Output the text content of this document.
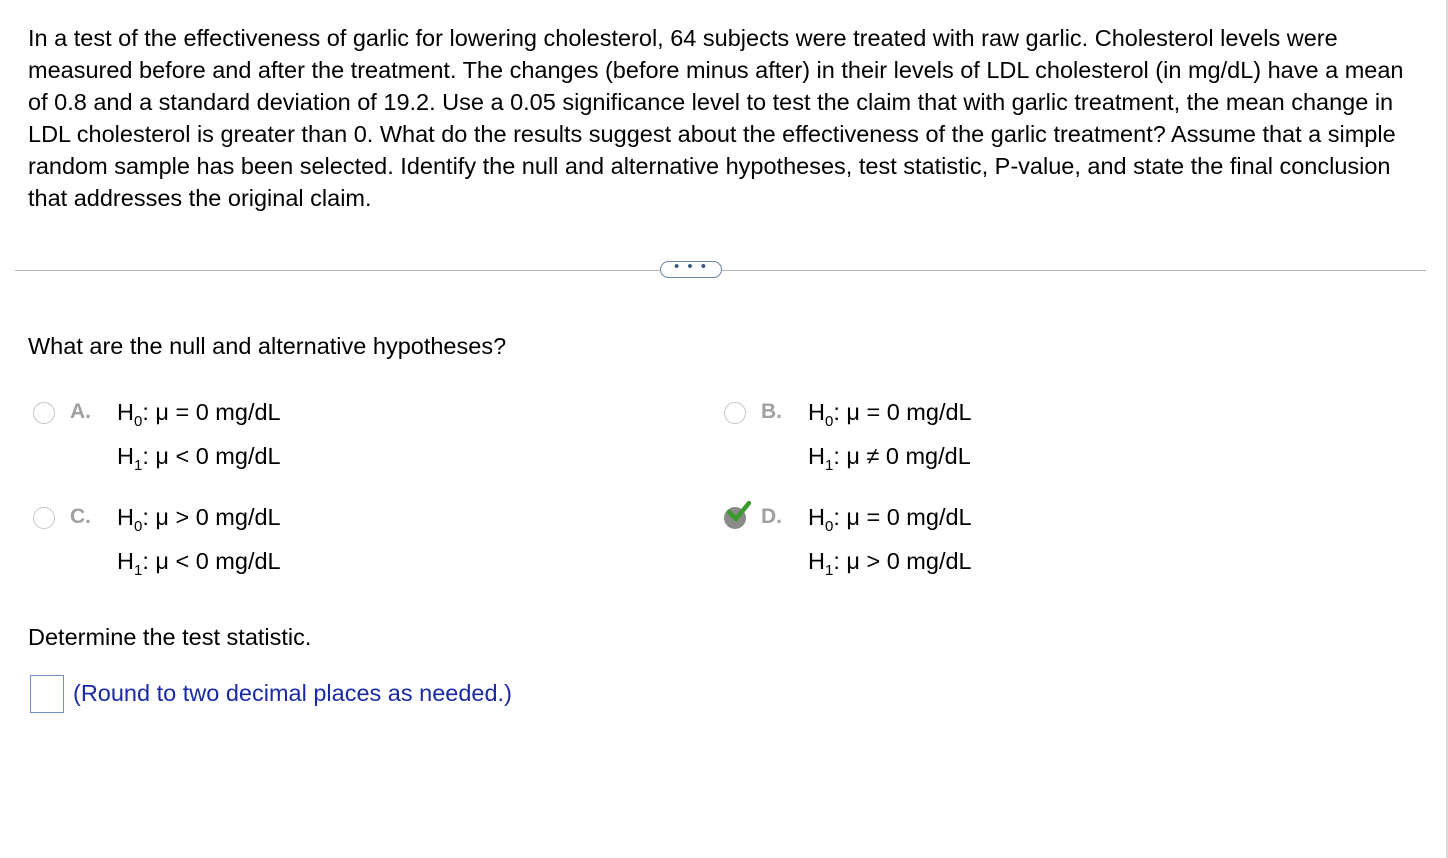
In a test of the effectiveness of garlic for lowering cholesterol, 64 subjects were treated with raw garlic. Cholesterol levels were measured before and after the treatment. The changes (before minus after) in their levels of LDL cholesterol (in mg/dL) have a mean of 0.8 and a standard deviation of 19.2. Use a 0.05 significance level to test the claim that with garlic treatment, the mean change in LDL cholesterol is greater than 0. What do the results suggest about the effectiveness of the garlic treatment? Assume that a simple random sample has been selected. Identify the null and alternative hypotheses, test statistic, P-value, and state the final conclusion that addresses the original claim.
• • •
What are the null and alternative hypotheses?
A. $H_0$: μ = 0 mg/dL
$H_1$: μ < 0 mg/dL
B. $H_0$: μ = 0 mg/dL
$H_1$: μ ≠ 0 mg/dL
C. $H_0$: μ > 0 mg/dL
$H_1$: μ < 0 mg/dL
D. $H_0$: μ = 0 mg/dL
$H_1$: μ > 0 mg/dL
Determine the test statistic.
(Round to two decimal places as needed.)
